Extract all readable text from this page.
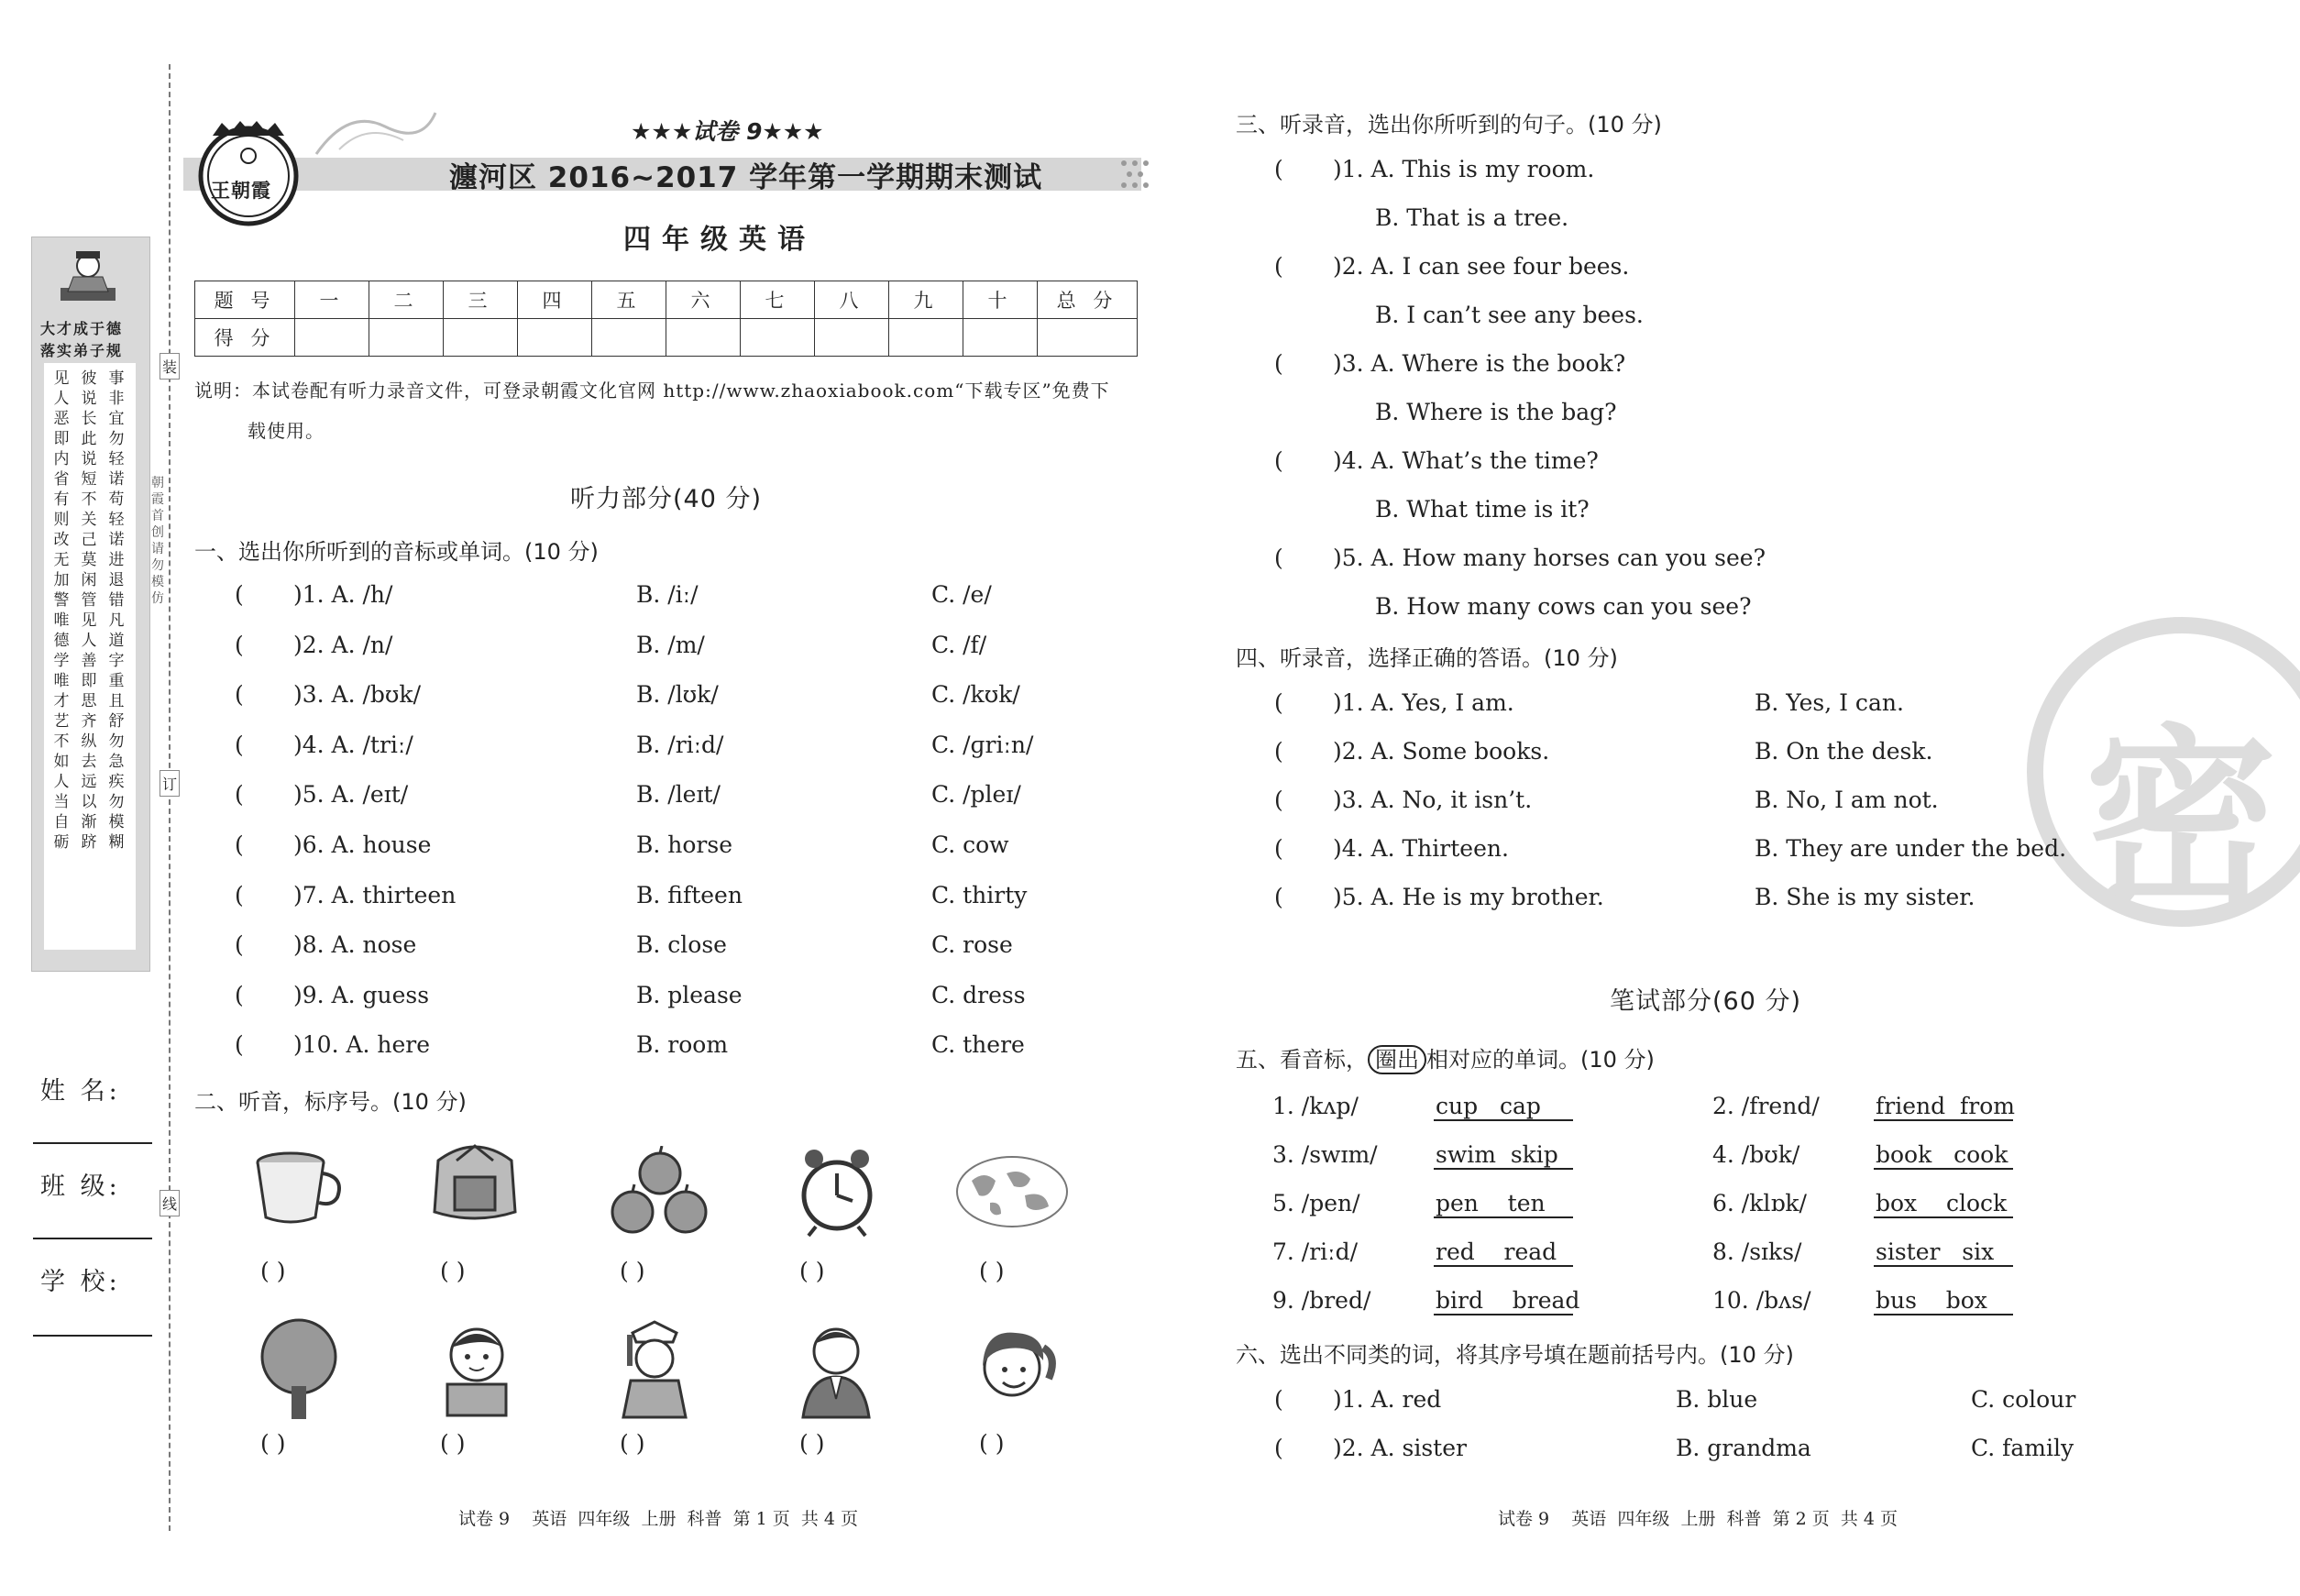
装
订
线
朝霞首创 请勿模仿
大才成于德
落实弟子规
见人恶 即内省 有则改 无加警 唯德学 唯才艺 不如人 当自砺
彼说长 此说短 不关己 莫闲管 见人善 即思齐 纵去远 以渐跻
事非宜 勿轻诺 苟轻诺 进退错 凡道字 重且舒 勿急疾 勿模糊
姓 名:
班 级:
学 校:
王朝霞
★★★试卷 9★★★
瀍河区 2016~2017 学年第一学期期末测试
四年级英语
题 号	一	二	三	四	五	六	七	八	九	十	总 分
得 分											
说明：本试卷配有听力录音文件，可登录朝霞文化官网 http://www.zhaoxiabook.com“下载专区”免费下
载使用。
听力部分(40 分)
一、选出你所听到的音标或单词。(10 分)
( )1. A. /h/	B. /iː/	C. /e/
( )2. A. /n/	B. /m/	C. /f/
( )3. A. /bʊk/	B. /lʊk/	C. /kʊk/
( )4. A. /triː/	B. /riːd/	C. /ɡriːn/
( )5. A. /eɪt/	B. /leɪt/	C. /pleɪ/
( )6. A. house	B. horse	C. cow
( )7. A. thirteen	B. fifteen	C. thirty
( )8. A. nose	B. close	C. rose
( )9. A. guess	B. please	C. dress
( )10. A. here	B. room	C. there
二、听音，标序号。(10 分)
( )	( )	( )	( )	( )
( )	( )	( )	( )	( )
试卷 9    英语  四年级  上册  科普  第 1 页  共 4 页
密
三、听录音，选出你所听到的句子。(10 分)
( )1. A. This is my room.
B. That is a tree.
( )2. A. I can see four bees.
B. I can’t see any bees.
( )3. A. Where is the book?
B. Where is the bag?
( )4. A. What’s the time?
B. What time is it?
( )5. A. How many horses can you see?
B. How many cows can you see?
四、听录音，选择正确的答语。(10 分)
( )1. A. Yes, I am.	B. Yes, I can.
( )2. A. Some books.	B. On the desk.
( )3. A. No, it isn’t.	B. No, I am not.
( )4. A. Thirteen.	B. They are under the bed.
( )5. A. He is my brother.	B. She is my sister.
笔试部分(60 分)
五、看音标， 圈出 相对应的单词。(10 分)
1. /kʌp/	cup   cap	2. /frend/ friend  from
3. /swɪm/	swim  skip	4. /bʊk/	book   cook
5. /pen/	pen    ten	6. /klɒk/	box    clock
7. /riːd/	red    read	8. /sɪks/	sister   six
9. /bred/	bird    bread	10. /bʌs/	bus    box
六、选出不同类的词，将其序号填在题前括号内。(10 分)
( )1. A. red	B. blue	C. colour
( )2. A. sister	B. grandma	C. family
试卷 9    英语  四年级  上册  科普  第 2 页  共 4 页
